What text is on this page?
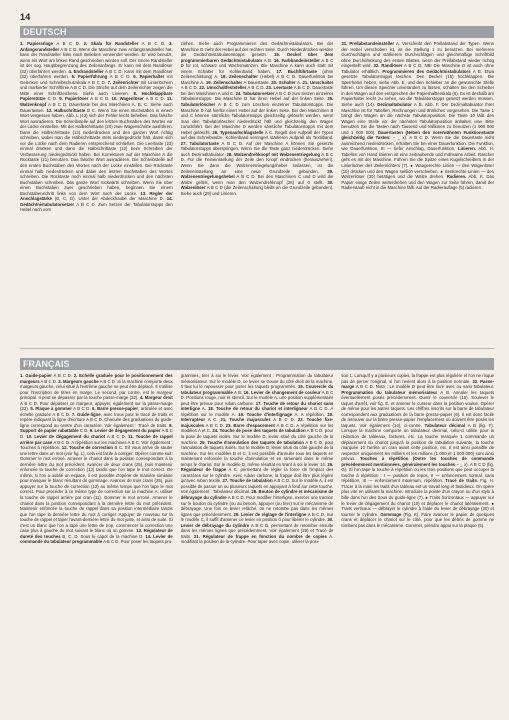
14
DEUTSCH
1. Papierarlage A B C D. 2. Skala für Randsteller A B C D. 3. Anfangsrandsteller A B C D. Wenn die Maschine zwei Anfangsrandsteller hat, kann der Randsteller links nach Belieben verwendet werden. Er wird benutzt, wenn ein Wort am linken Rand geschrieben werden soll. Der innere Randsteller ist der sog. Hauptbegrenzung des Zeilenanfangs. Er kann mit dem Randlöser (32) überfahren werden. 4. Endrandsteller A B C D. Kann mit dem Randlöser (32) überfahren werden. 5. Papierführung A B C D. 6. Papierhalter mit Gelenken und Schreibschutzskala A B C D. 7. Zeilenrichter mit Linierlöchern und markierter Schriftlinie A B C D. Die Striche auf dem Zeilenrichter zeigen die Mitte einer Schriftzeichens. Siehe auch Linieren. 8. Hochklappbare Papierstütze C D. 9. Papierlöser A B C D. 10. Wagenlöser A B C D. 11. Walzenknopf A B C D. Dauertaste bei den Maschinen A, B, C. Siehe auch Dauertasten. 12. Halbschrittaste B C. Wenn Sie einen Buchstaben in einem Wort vergessen haben, Abb. L (43) sich der Fehler leicht beheben. Das falsche Wort ausradieren. Die Schreibstelle auf den letzten Buchstaben des Wortes vor der Lücke einstellen. Mit der Halbschrittaste (20) zwei Wagenschritte ausführen. Dann die Halbschrittaste (12) niederdrücken und den ganzen Wort richtig schreiben, wobei man die Halbschrittaste stets niedergedrückt hält, damit sich vor die Lücke nach dem Radieren entsprechend schließen. Die Leertaste (23) einmal drücken und dann die Halbschrittaste (12) beim Schreiben der Verbesserung niedergedrückt halten. Bei Korrekturen auf der Maschine A die Rücktaste (21) benutzen. Das falsche Wort ausradieren. Die Schreibstelle auf den ersten Buchstaben des Wortes nach der Lücke einstellen. Die Rücktaste einmal halb niederdrücken und dabei den letzten Buchstaben des Wortes schreiben. Die Rücktaste noch einmal halb niederdrücken und den nächsten Buchstaben schreiben. Das ganze Wort rückwärts schreiben. Wenn Sie über einen Buchstaben zwei geschrieben haben, beginnen Sie einem Buchstabenschritt links von dem Wort nach der Lücke. 13. Regler der Anschlagstärke (B, C, D). Unter der Abdeckhaube der Maschine D. 14. Gedächtnistabulatorsetzer A B C D. Zum Setzen der Tabulatorstopps den Hebel nach vorn
ziehen. Siehe auch Programmieren des Gedächtnistabulators. Bei der Maschine D zieht der Hebel auf der rechten Seite. Durch Niederdrücken werden die Gedächtnistabulatorstopps gesetzt. 15. Deckel über dem programmierbaren Gedächtnistabulator A B. 16. Farbbandeinsteller A B C D für rot, schwarz und Wachsmatrizen. Die Maschine A kann auch statt mit einem Schalter für Kohlenband haben. 17. Buchführtaste (ohne Zeilenschaltung) A. 18. Zeilenschalter (Hebel) A B C D. Dauerfunktion bei Maschine A. 19. Zeilenschalter A Dauertaste. 20. Schalter A. 21. Umschalter A B C D. 22. Umschaltfeststeller A B C D. 23. Leertaste A B C D. Dauertaste bei den Maschinen A und C. 24. Tabulatorsetzer A B C D zum Setzen einzelner Tabulatorstopps. Die Maschine D hat ihren Hebel auf der linken Seite. 25. Tabulatorlöscher A B C D zum Löschen einzelner Tabulatorstopps. Die Maschine D hat hierfür einen Hebel auf der linken Seite. Bei den Maschinen B und C können sämtliche Tabulatorstopps gleichzeitig gelöscht werden, wenn man den Tabulatorlöscher niederdrückt hält und gleichzeitig den Wagen zurückführt. Bei der Maschine D werden sämtliche Tabulatorstopps mit dem Hebel gelöscht. 26. Typenaufschlagstelle A C. Regelt den Aufprall der Typen auf das Schreibwalze. Kohlenband verringert stärkeren Aufprall als Textilband. 27. Tabulatortaste A B C D. Auf der Maschine A können Sie gesetzte Tabulatorstopps überspringen. Wenn Sie die Taste ganz niederdrücken. Siehe auch Dezimaltabulator. 28. Walzendrehknopf mit Walzenentriegelung A B C D. Für die Feineinstellung der Zeile den Knopf eindrücken (herausziehen). Wenn Sie dann die Walzenentriegelungshebel loslassen, ist die Zeileneinstellung an eine neue Grundzeile gebunden. 29. Walzenentriegelungshebel A B C D. Bei den Maschinen C und D wird die Walze gelöst, wenn man den Walzendrehknopf (28) auf 0 stellt. 30. Walzenlöser A B C D (die Zeilenschaltung bleibt an die Grundzeile gebunden). Siehe auch (29) und Linieren.
31. Prellabstandeinsteller A. Verschiebt den Prellabstand der Typen. Wenn der Hebel verschoben ist, ist die Stellung 1 zu benutzen. Bei mehreren Durchschlägen und stärkerem Durchschlagen und gleichmäßige Schriftbild ohne Durchdrückung des ersten Blattes, wenn der Prellabstand wieder richtig eingestellt wird. 32. Randlöser A B C D. NB! Die Maschine D ist auch ohne Tabulator erhältlich. Programmieren des Gedächtnistabulators A B. Etwa gesetzte Tabulatorstopps löschen. Den Deckel (15) hochklappen. Die Sperrhebel heben, siehe Abb. E, und den Schieber an die gewünschte Stelle führen. Um diesen Speicher unverändert zu lassen, schalten Sie den Schieber in den Wagen auf den entsprechen der Papierhaltterskala (6). Es ist deshalb am Papierhalter leicht zu sehen, wo die Tabulatorstopps gesetzt werden müssen. Siehe auch (14). Dezimaltabulator A B. Abb. F. Der Dezimaltabulator Ihrer Maschine ist für Tabellen, Rechnungen und ähnliches vorgesehen. Die Taste 1 bringt den Wagen an die nächste Tabulatorposition. Die Taste 10 läßt den Wagen eine Stelle vor der nächsten Tabulatorposition anhalten usw. Bitte benutzen Sie die Tasten nach Tausend und Millionen zu benutzen (1 000 000 und 1 000 000). Dauertasten (Neben den vorerwähnten Funktionstaste gleichzeitig die Tasten: – _ x). A B C D. Wenn Sie die Dauertaste nicht ausreichend niederdrücken, erhalten Sie bei einer Dauerfunktion. Die Funktion, wie Dauerfunktion, III — tiefer Anschlag, Dauerfunktion. Linieren. Abb. H. Tabellen von Hand linieren ist eine zeitraubende und mühsame Arbeit. Rascher geht es mit der Maschine. Führen Sie die Spitze eines Kugelschreibers in der Linierlöcher des Zeilenrichters (7). ● Waagerechte Linien — den Wagenlöser (10) drücken und den Wagen seitlich verschieben. ● Senkrechte Linien — den Walzenlöser (30) betätigen und die Walze drehen. Radieren. Abb. K. Das Papier einige Zeilen weiterdrehen und den Wagen zur Seite führen, damit der Radierstaub nicht in die Maschine fällt. Auf der Radierauflage (5) radieren.
FRANÇAIS
1. Guide-papier A B C D. 2. Echelle graduée pour le positionnement des margeurs A B C D. 3. Margeurs gauche A B C D. Si la machine comporte deux margeurs gauche, celui situé à l'extrême gauche ne peut être déplacé. Il s'utilise pour l'inscription de titres en marge. Le second, par contre, est le margeur principal. Il peut se dépasser par la touche passe-marge (32). 4. Margeur droit A B C D. Pour dépasser ce margeur, appuyer, également sur la passe-marge (32). 5. Plaque à gommer A B C D. 6. Barre presse-papier, articulée et avec échelle graduée A B C D. 7. Guide-ligne, avec trous pour le tracé de traits et repère indiquant la ligne d'écriture A B C D. Chacune des graduations du guide-ligne correspond au centre d'un caractère. Voir également : Tracé de traits. 8. Support de papier rabattable C D. 9. Levier de dégagement du papier A B C D. 10. Levier de dégagement du chariot A B C D. 11. Touche de rappel arrière par case A B C D. A répétition sur les machines A B C. Voir également : Touches à répétition. 12. Touche de correction B C. S'il vous arrive de sauter une lettre dans un mot (voir fig. L), cela est facile à corriger. Opérer comme suit: Gommer le mot erroné. Amener le chariot dans la position correspondant à la dernière lettre du mot précédent. Avancer de deux crans (25), puis maintenir enfoncée la touche de correction (12) tandis que l'on tape le mot correct. De même, si l'on a oublié un espace, il est possible d'opérer de manière similaire pour masquer le blanc résultant du gommage. Avancer de trois crans (25), puis appuyer sur la touche de correction (12) au même temps que l'on tape le mot correct. Pour procéder à ce même type de correction sur la machine A, utiliser la touche de rappel arrière par cran (11). Gommer le mot erroné. Amener le chariot dans la position correspondant à la dernière lettre du mot précédent. Maintenir enfoncée la touche de rappel dans sa position intermédiaire tandis que l'on tape la dernière lettre du mot à corriger. Appuyer de nouveau sur la touche de rappel et taper l'avant-dernière lettre du mot juste, et ainsi de suite. Si c'est un blanc que l'on a tapé une lettre de trop, commencer la correction une case plus à gauche du mot suivant le blanc où on gomme. 13. Régulateur de dureté des touches B, C, D. Sous le capot de la machine D. 14. Levier de commande du tabulateur programmable A B C D. Pour poser les taquets pro-
grammes, tirer à soi le levier. Voir également : Programmation du tabulateur mémorisateur. Sur le modèle D, ce levier se trouve du côté droit de la machine. Il faut lui le repousser pour poser les taquets programmés. 15. Couvercle du tabulateur programmable A B. 16. Levier de changement de couleur A B C D. Positions rouge, noir et stencil. Sur le modèle A, une position supplémentaire peut être prévue pour ruban carbone. 17. Touche de retour du chariot sans interligne A. 18. Touche de retour du chariot et interligneur A B C D. A répétition sur le modèle A. 19. Touche d'interlignage A. A répétition. 20. Interrupteur A C. 21. Touche majuscules A B C D. 22. Touche fixe-majuscules A B C D. 23. Barre d'espacement A B C D. A répétition sur les modèles A et C. 24. Touche de pose des taquets de tabulation A B C D. pour la pose de taquets isolés. Sur le modèle D, levier situé du côté gauche de la machine. 25. Touche d'annulation des taquets de tabulation A B C D. pour l'annulation de taquets isolés. Sur le modèle D, levier situé du côté gauche de la machine. Sur les modèles B et C, il est possible d'annuler tous les taquets en maintenant enfoncée la touche d'annulation et en ramenant dans le même temps le chariot. Sur le modèle D, même résultat en tirant à soi le levier 14. 26. Régulateur de frappe A C. permettant de régler la force de l'impact des caractères sur le cylindre. Avec ruban carbone, la frappe doit être plus légère qu'avec ruban textile. 27. Touche de tabulation A B C D. Sur le modèle A, il est possible de passer un ou plusieurs taquets en appuyant à fond sur cette touche. Voir également : Tabulateur décimal. 28. Bouton de cylindre et mécanisme de débrayage du cylindre A B C D. Pour modifier l'interligne, exercer une traction sur le bouton du cylindre (ou au besoin, appuyer (ou tirer) sur le mécanisme de débrayage. Une fois ce levier relâché, on ne retombe pas dans les mêmes lignes que précédemment. 29. Levier de réglage de l'interligne A B C D. Sur le modèle C, il suffit d'amener ce levier en position 0 pour libérer le cylindre. 30. Levier de débrayage du cylindre A B C D. permettant de retomber ensuite dans les mêmes lignes que précédemment. Voir également (29) et Tracé de traits. 31. Régulateur de frappe en fonction du nombre de copies A. modifiant la position de la cylindre. Pour taper avec copie, utiliser la posi-
tion 1. Lorsqu'il y a plusieurs copies, la frappe est plus régulière et l'on ne risque pas de percer l'original, si l'on revient alors à la position normale. 32. Passe-marge A B C D. Nota : Le modèle D peut être livré avec ou sans tabulateur. Programmation du tabulateur mémorisateur A B. Annuler les taquets éventuellement posés précédemment. Ouvrir le couvercle (15). Soulever le taquet d'arrêt, voir fig. E, et amener le curseur dans la position voulue. Opérer de même pour les autres taquets. Les chiffres inscrits sur la barre de tabulateur correspondent aux graduations de la barre presse-papier (6). Il est donc facile de retrouver sur la barre presse-papier l'emplacement où doivent être posés les taquets. Voir également (14), ci-contre. Tabulateur décimal A B (fig. F). Lorsque la machine comporte un tabulateur décimal, celui-ci utilise pour la rédaction de tableaux, factures, etc. La touche marquée 1 commande un déplacement du chariot jusqu'à la position de tabulation suivante, la touche marquée 10 l'arrête un cran avant cette position, etc. Il est ainsi possible de respecter uniquement les milliers et les millions (1 000 et 1 000 000) sont ainsi prévus. Touches à répétition (Outre les touches de commande précédemment mentionnées, généralement les touches – _ x). A B C D (fig. G). Si l'on tape la touche à répétition ou les trois positions que peut occuper la touche à répétition : I — position de repos, II — enfoncement normal, sans répétition, III — enfoncement maximum, répétition. Tracé de traits. Fig. H. Tracer à la main les traits d'un tableau est un travail long et fastidieux. On opère plus vite en utilisant la machine. Introduire la pointe d'un crayon ou d'un stylo à bille dans l'un des trous du guide-ligne (7). ● Traits horizontaux — appuyer sur le levier de dégagement du chariot (10) et déplacer le chariot latéralement. ● Traits verticaux — débrayer le cylindre à l'aide du levier de débrayage (30) et tourner le cylindre. Gommage (Fig. K). Faire avancer le papier de quelques crans et déplacer le chariot sur le côté, pour que les débris de gomme ne tombent pas dans le mécanisme. Gommer, prendre appui sur la plaque (5).
